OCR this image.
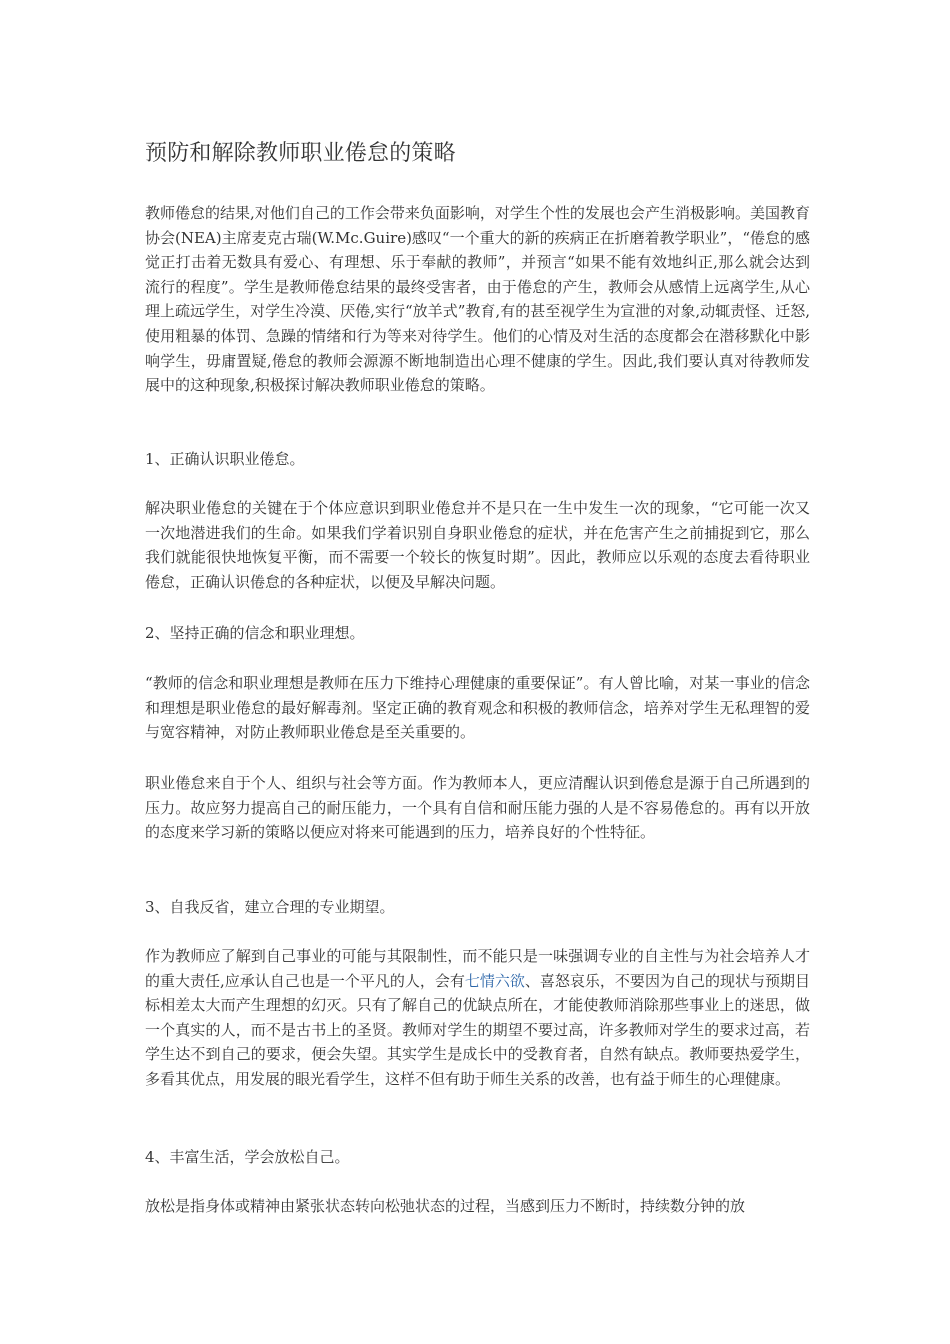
预防和解除教师职业倦怠的策略

教师倦怠的结果,对他们自己的工作会带来负面影响，对学生个性的发展也会产生消极影响。美国教育协会(NEA)主席麦克古瑞(W.Mc.Guire)感叹“一个重大的新的疾病正在折磨着教学职业”，“倦怠的感觉正打击着无数具有爱心、有理想、乐于奉献的教师”，并预言“如果不能有效地纠正,那么就会达到流行的程度”。学生是教师倦怠结果的最终受害者，由于倦怠的产生，教师会从感情上远离学生,从心理上疏远学生，对学生冷漠、厌倦,实行“放羊式”教育,有的甚至视学生为宣泄的对象,动辄责怪、迁怒,使用粗暴的体罚、急躁的情绪和行为等来对待学生。他们的心情及对生活的态度都会在潜移默化中影响学生，毋庸置疑,倦怠的教师会源源不断地制造出心理不健康的学生。因此,我们要认真对待教师发展中的这种现象,积极探讨解决教师职业倦怠的策略。

1、正确认识职业倦怠。

解决职业倦怠的关键在于个体应意识到职业倦怠并不是只在一生中发生一次的现象，“它可能一次又一次地潜进我们的生命。如果我们学着识别自身职业倦怠的症状，并在危害产生之前捕捉到它，那么我们就能很快地恢复平衡，而不需要一个较长的恢复时期”。因此，教师应以乐观的态度去看待职业倦怠，正确认识倦怠的各种症状，以便及早解决问题。

2、坚持正确的信念和职业理想。

“教师的信念和职业理想是教师在压力下维持心理健康的重要保证”。有人曾比喻，对某一事业的信念和理想是职业倦怠的最好解毒剂。坚定正确的教育观念和积极的教师信念，培养对学生无私理智的爱与宽容精神，对防止教师职业倦怠是至关重要的。

职业倦怠来自于个人、组织与社会等方面。作为教师本人，更应清醒认识到倦怠是源于自己所遇到的压力。故应努力提高自己的耐压能力，一个具有自信和耐压能力强的人是不容易倦怠的。再有以开放的态度来学习新的策略以便应对将来可能遇到的压力，培养良好的个性特征。

3、自我反省，建立合理的专业期望。

作为教师应了解到自己事业的可能与其限制性，而不能只是一味强调专业的自主性与为社会培养人才的重大责任,应承认自己也是一个平凡的人，会有七情六欲、喜怒哀乐，不要因为自己的现状与预期目标相差太大而产生理想的幻灭。只有了解自己的优缺点所在，才能使教师消除那些事业上的迷思，做一个真实的人，而不是古书上的圣贤。教师对学生的期望不要过高，许多教师对学生的要求过高，若学生达不到自己的要求，便会失望。其实学生是成长中的受教育者，自然有缺点。教师要热爱学生，多看其优点，用发展的眼光看学生，这样不但有助于师生关系的改善，也有益于师生的心理健康。

4、丰富生活，学会放松自己。

放松是指身体或精神由紧张状态转向松弛状态的过程，当感到压力不断时，持续数分钟的放
